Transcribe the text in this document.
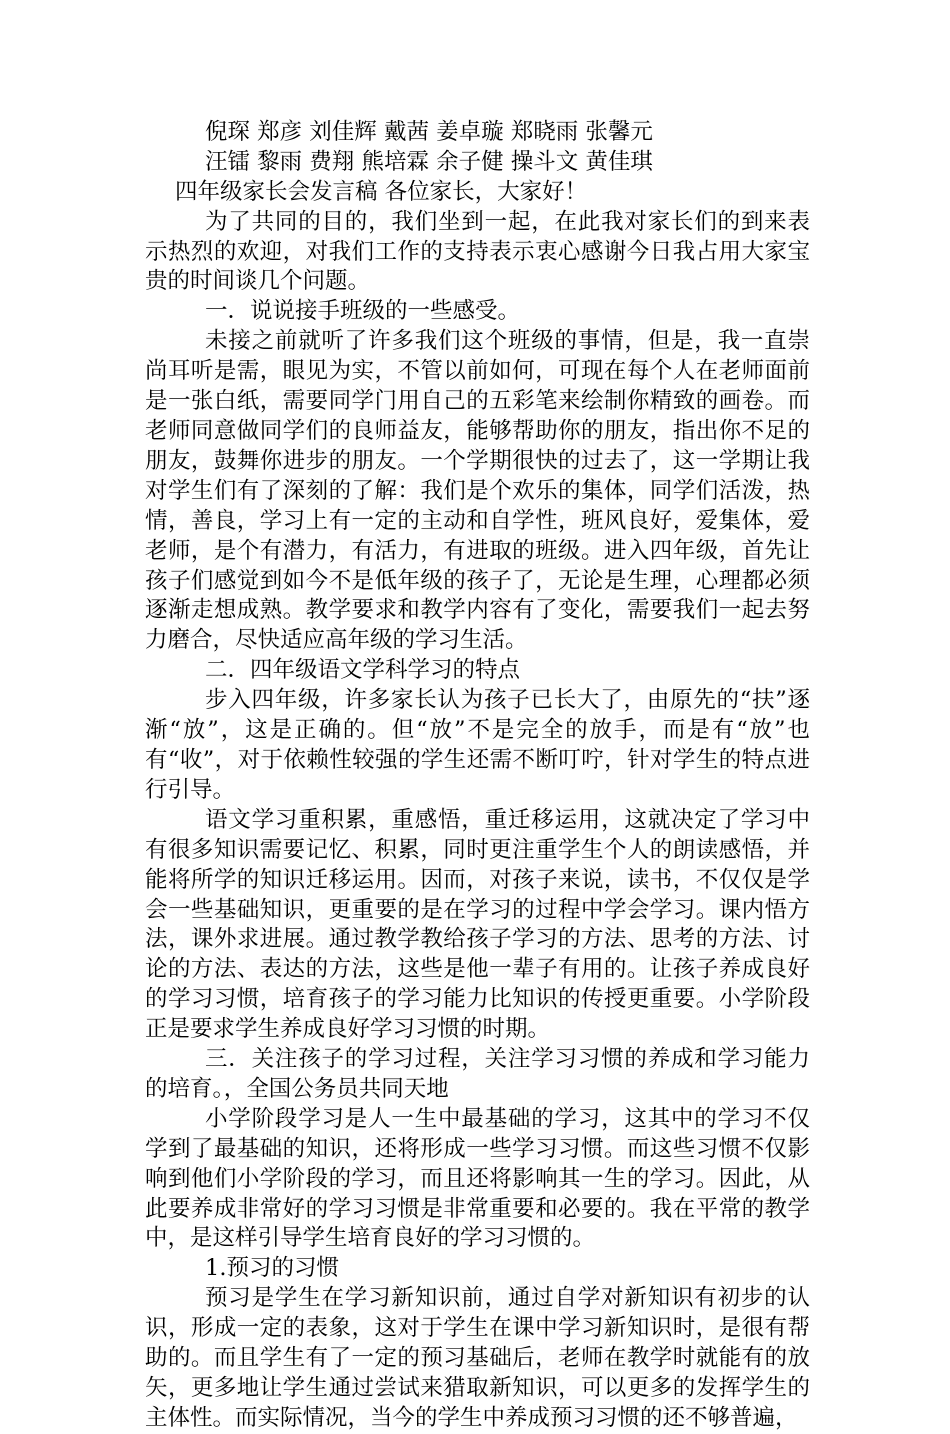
倪琛 郑彦 刘佳辉 戴茜 姜卓璇 郑晓雨 张馨元
汪镭 黎雨 费翔 熊培霖 余子健 操斗文 黄佳琪
四年级家长会发言稿 各位家长，大家好！

为了共同的目的，我们坐到一起，在此我对家长们的到来表示热烈的欢迎，对我们工作的支持表示衷心感谢今日我占用大家宝贵的时间谈几个问题。

一．说说接手班级的一些感受。

未接之前就听了许多我们这个班级的事情，但是，我一直崇尚耳听是需，眼见为实，不管以前如何，可现在每个人在老师面前是一张白纸，需要同学门用自己的五彩笔来绘制你精致的画卷。而老师同意做同学们的良师益友，能够帮助你的朋友，指出你不足的朋友，鼓舞你进步的朋友。一个学期很快的过去了，这一学期让我对学生们有了深刻的了解：我们是个欢乐的集体，同学们活泼，热情，善良，学习上有一定的主动和自学性，班风良好，爱集体，爱老师，是个有潜力，有活力，有进取的班级。进入四年级，首先让孩子们感觉到如今不是低年级的孩子了，无论是生理，心理都必须逐渐走想成熟。教学要求和教学内容有了变化，需要我们一起去努力磨合，尽快适应高年级的学习生活。

二．四年级语文学科学习的特点

步入四年级，许多家长认为孩子已长大了，由原先的“扶”逐渐“放”，这是正确的。但“放”不是完全的放手，而是有“放”也有“收”，对于依赖性较强的学生还需不断叮咛，针对学生的特点进行引导。

语文学习重积累，重感悟，重迁移运用，这就决定了学习中有很多知识需要记忆、积累，同时更注重学生个人的朗读感悟，并能将所学的知识迁移运用。因而，对孩子来说，读书，不仅仅是学会一些基础知识，更重要的是在学习的过程中学会学习。课内悟方法，课外求进展。通过教学教给孩子学习的方法、思考的方法、讨论的方法、表达的方法，这些是他一辈子有用的。让孩子养成良好的学习习惯，培育孩子的学习能力比知识的传授更重要。小学阶段正是要求学生养成良好学习习惯的时期。

三．关注孩子的学习过程，关注学习习惯的养成和学习能力的培育。，全国公务员共同天地

小学阶段学习是人一生中最基础的学习，这其中的学习不仅学到了最基础的知识，还将形成一些学习习惯。而这些习惯不仅影响到他们小学阶段的学习，而且还将影响其一生的学习。因此，从此要养成非常好的学习习惯是非常重要和必要的。我在平常的教学中，是这样引导学生培育良好的学习习惯的。

1.预习的习惯

预习是学生在学习新知识前，通过自学对新知识有初步的认识，形成一定的表象，这对于学生在课中学习新知识时，是很有帮助的。而且学生有了一定的预习基础后，老师在教学时就能有的放矢，更多地让学生通过尝试来猎取新知识，可以更多的发挥学生的主体性。而实际情况，当今的学生中养成预习习惯的还不够普遍，
